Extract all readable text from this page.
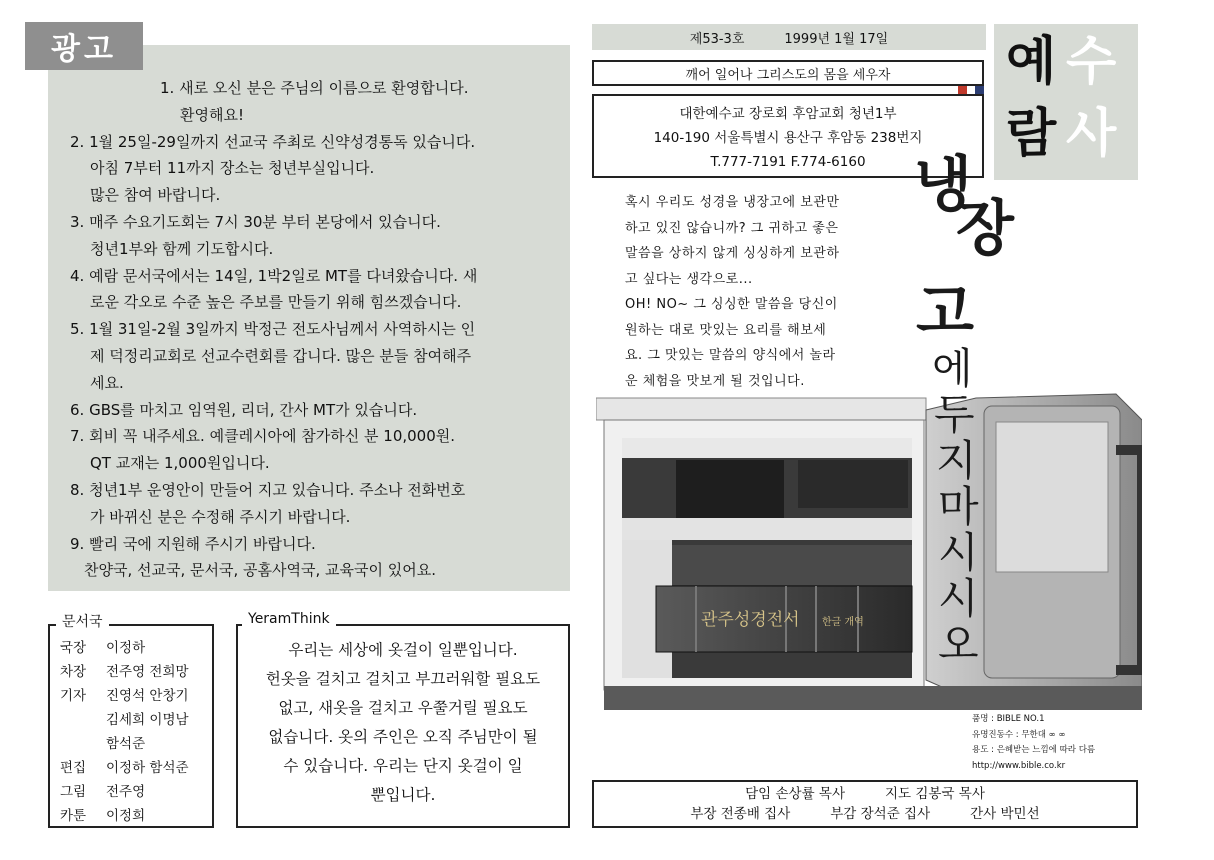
광고
1. 새로 오신 분은 주님의 이름으로 환영합니다.
환영해요!
2. 1월 25일-29일까지 선교국 주최로 신약성경통독 있습니다.
아침 7부터 11까지 장소는 청년부실입니다.
많은 참여 바랍니다.
3. 매주 수요기도회는 7시 30분 부터 본당에서 있습니다.
청년1부와 함께 기도합시다.
4. 예람 문서국에서는 14일, 1박2일로 MT를 다녀왔습니다. 새
로운 각오로 수준 높은 주보를 만들기 위해 힘쓰겠습니다.
5. 1월 31일-2월 3일까지 박정근 전도사님께서 사역하시는 인
제 덕정리교회로 선교수련회를 갑니다. 많은 분들 참여해주
세요.
6. GBS를 마치고 임역원, 리더, 간사 MT가 있습니다.
7. 회비 꼭 내주세요. 예클레시아에 참가하신 분 10,000원.
QT 교재는 1,000원입니다.
8. 청년1부 운영안이 만들어 지고 있습니다. 주소나 전화번호
가 바뀌신 분은 수정해 주시기 바랍니다.
9. 빨리 국에 지원해 주시기 바랍니다.
찬양국, 선교국, 문서국, 공홈사역국, 교육국이 있어요.
문서국
국장	이정하
차장	전주영 전희망
기자	진영석 안창기
김세희 이명남
함석준
편집	이정하 함석준
그림	전주영
카툰	이정희
YeramThink
우리는 세상에 옷걸이 일뿐입니다.
헌옷을 걸치고 걸치고 부끄러워할 필요도
없고, 새옷을 걸치고 우쭐거릴 필요도
없습니다. 옷의 주인은 오직 주님만이 될
수 있습니다. 우리는 단지 옷걸이 일
뿐입니다.
제53-3호	1999년 1월 17일 예 수
람 사
깨어 일어나 그리스도의 몸을 세우자
대한예수교 장로회 후암교회 청년1부
140-190 서울특별시 용산구 후암동 238번지
T.777-7191 F.774-6160
관주성경전서 한글 개역
혹시 우리도 성경을 냉장고에 보관만
하고 있진 않습니까? 그 귀하고 좋은
말씀을 상하지 않게 싱싱하게 보관하
고 싶다는 생각으로...
OH! NO~ 그 싱싱한 말씀을 당신이
원하는 대로 맛있는 요리를 해보세
요. 그 맛있는 말씀의 양식에서 놀라
운 체험을 맛보게 될 것입니다.
냉
장
고
에
두
지
마
시
시
오
품명 : BIBLE NO.1
유명진동수 : 무한대 ∞ ∞
용도 : 은혜받는 느낌에 따라 다름
http://www.bible.co.kr
담임 손상률 목사	지도 김봉국 목사
부장 전종배 집사	부감 장석준 집사	간사 박민선
